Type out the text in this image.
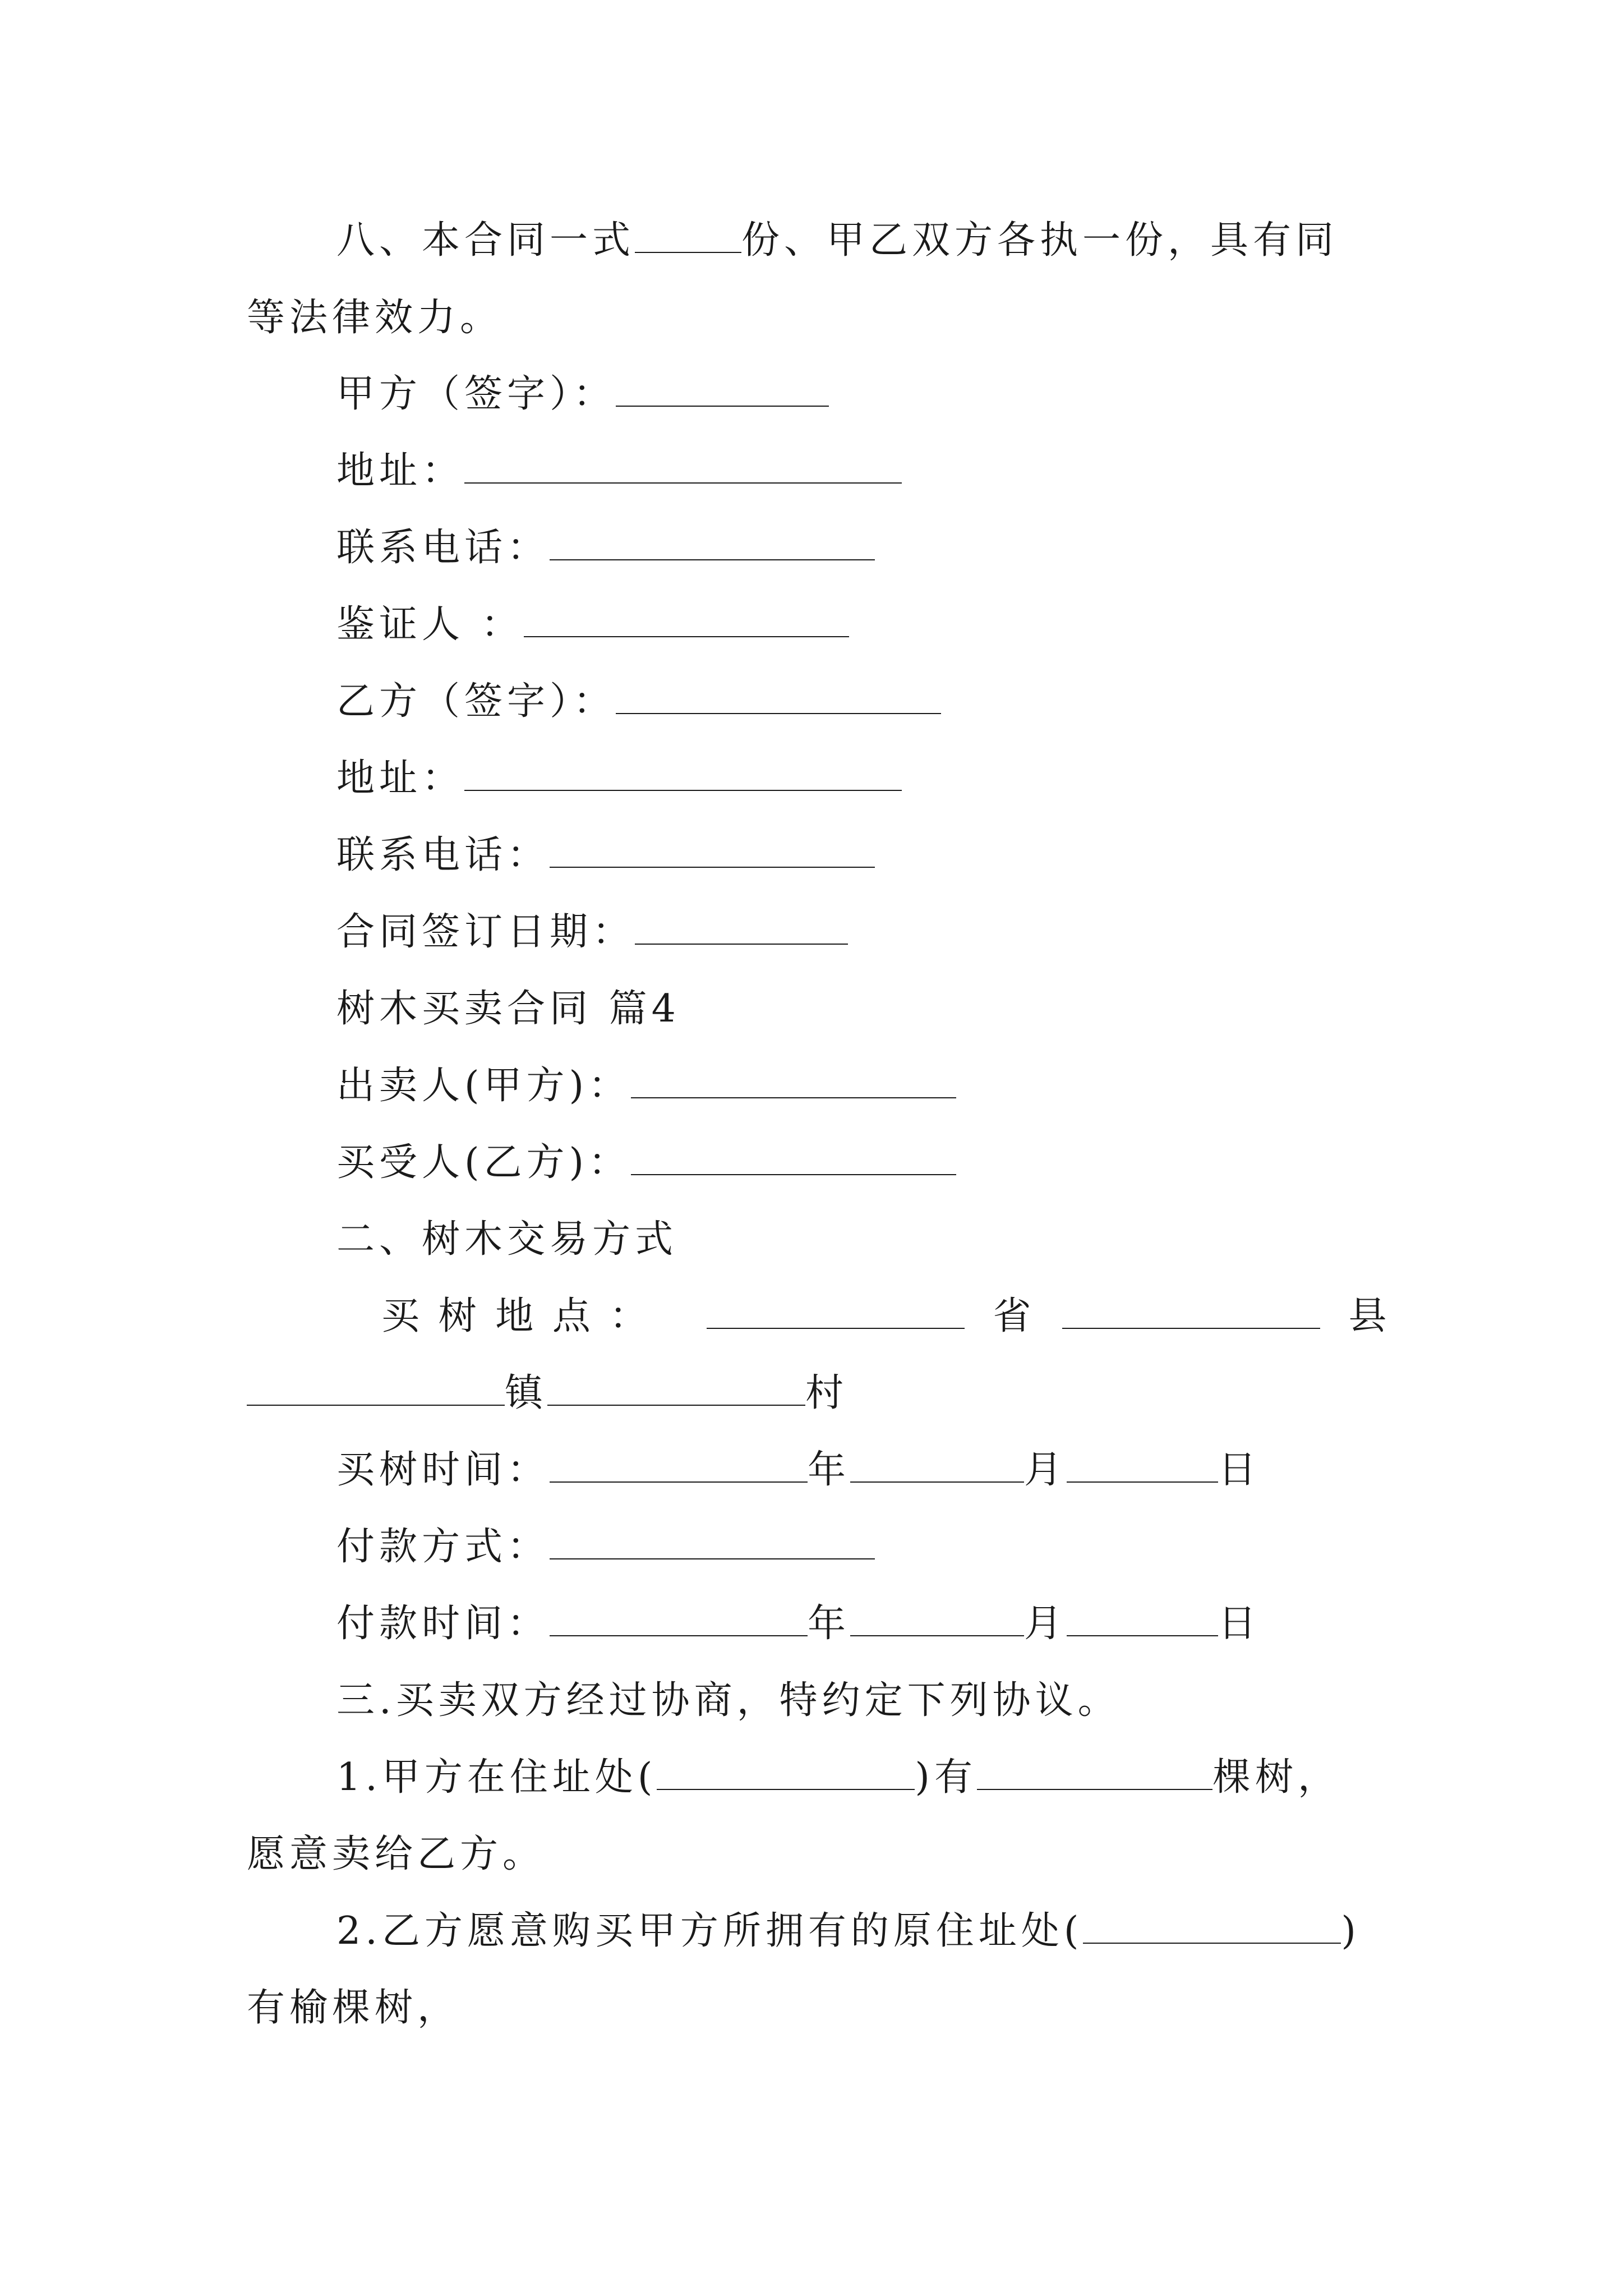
八、本合同一式	份、甲乙双方各执一份，具有同
等法律效力。
甲方（签字）：
地址：
联系电话：
鉴证人 ：
乙方（签字）：
地址：
联系电话：
合同签订日期：
树木买卖合同 篇4
出卖人(甲方)：
买受人(乙方)：
二、树木交易方式
买 树 地 点 ：	省	县
镇	村
买树时间：	年	月	日
付款方式：
付款时间：	年	月	日
三.买卖双方经过协商，特约定下列协议。
1.甲方在住址处(	)有	棵树，
愿意卖给乙方。
2.乙方愿意购买甲方所拥有的原住址处(	)
有榆棵树，
